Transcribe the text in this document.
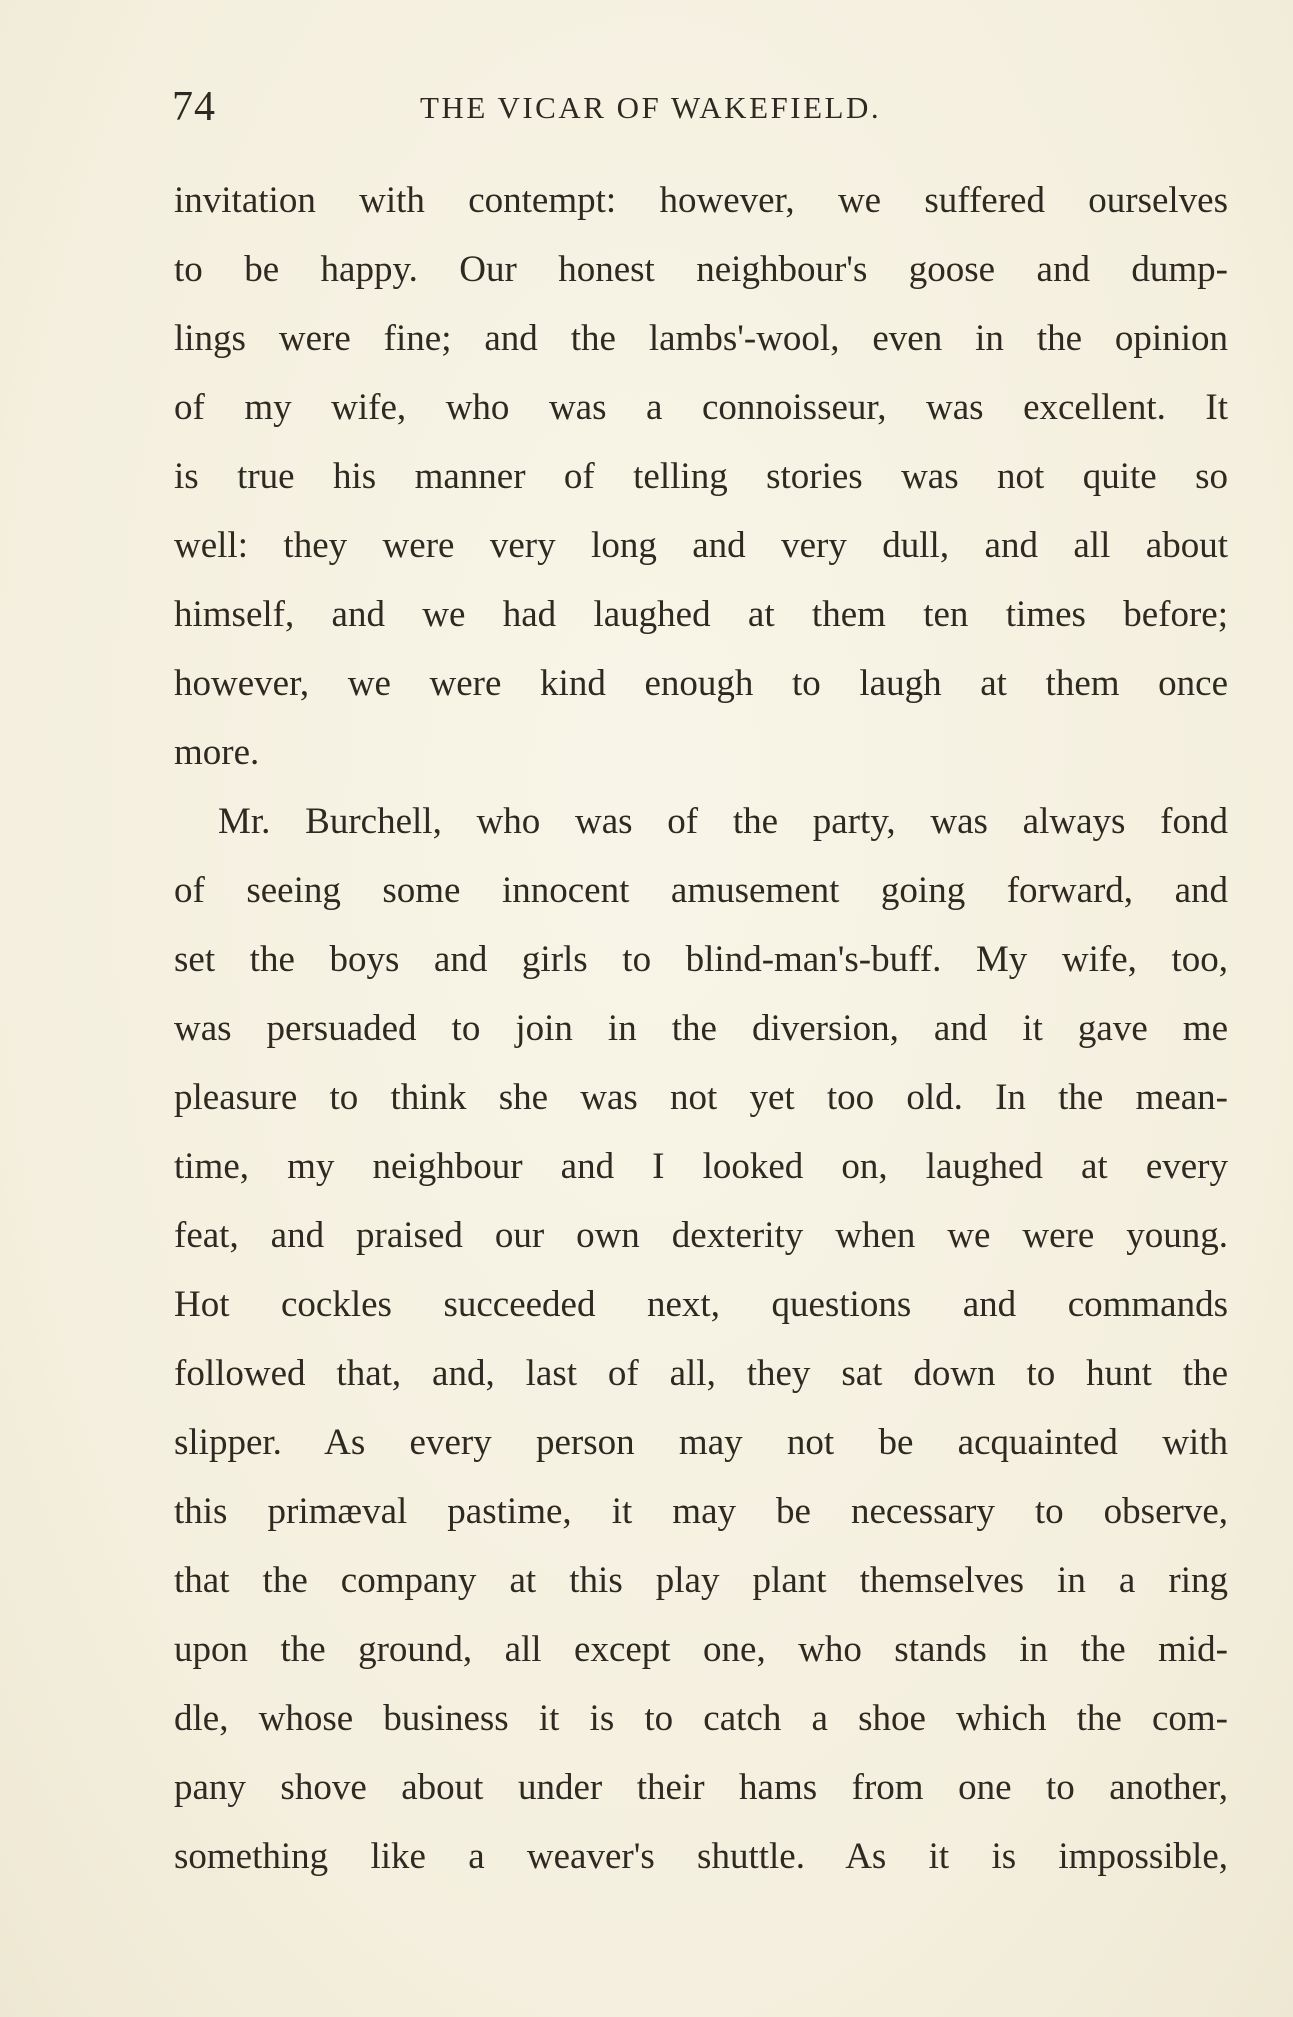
74	THE VICAR OF WAKEFIELD.
invitation with contempt: however, we suffered ourselves
to be happy. Our honest neighbour's goose and dump-
lings were fine; and the lambs'-wool, even in the opinion
of my wife, who was a connoisseur, was excellent. It
is true his manner of telling stories was not quite so
well: they were very long and very dull, and all about
himself, and we had laughed at them ten times before;
however, we were kind enough to laugh at them once
more.
Mr. Burchell, who was of the party, was always fond
of seeing some innocent amusement going forward, and
set the boys and girls to blind-man's-buff. My wife, too,
was persuaded to join in the diversion, and it gave me
pleasure to think she was not yet too old. In the mean-
time, my neighbour and I looked on, laughed at every
feat, and praised our own dexterity when we were young.
Hot cockles succeeded next, questions and commands
followed that, and, last of all, they sat down to hunt the
slipper. As every person may not be acquainted with
this primæval pastime, it may be necessary to observe,
that the company at this play plant themselves in a ring
upon the ground, all except one, who stands in the mid-
dle, whose business it is to catch a shoe which the com-
pany shove about under their hams from one to another,
something like a weaver's shuttle. As it is impossible,
